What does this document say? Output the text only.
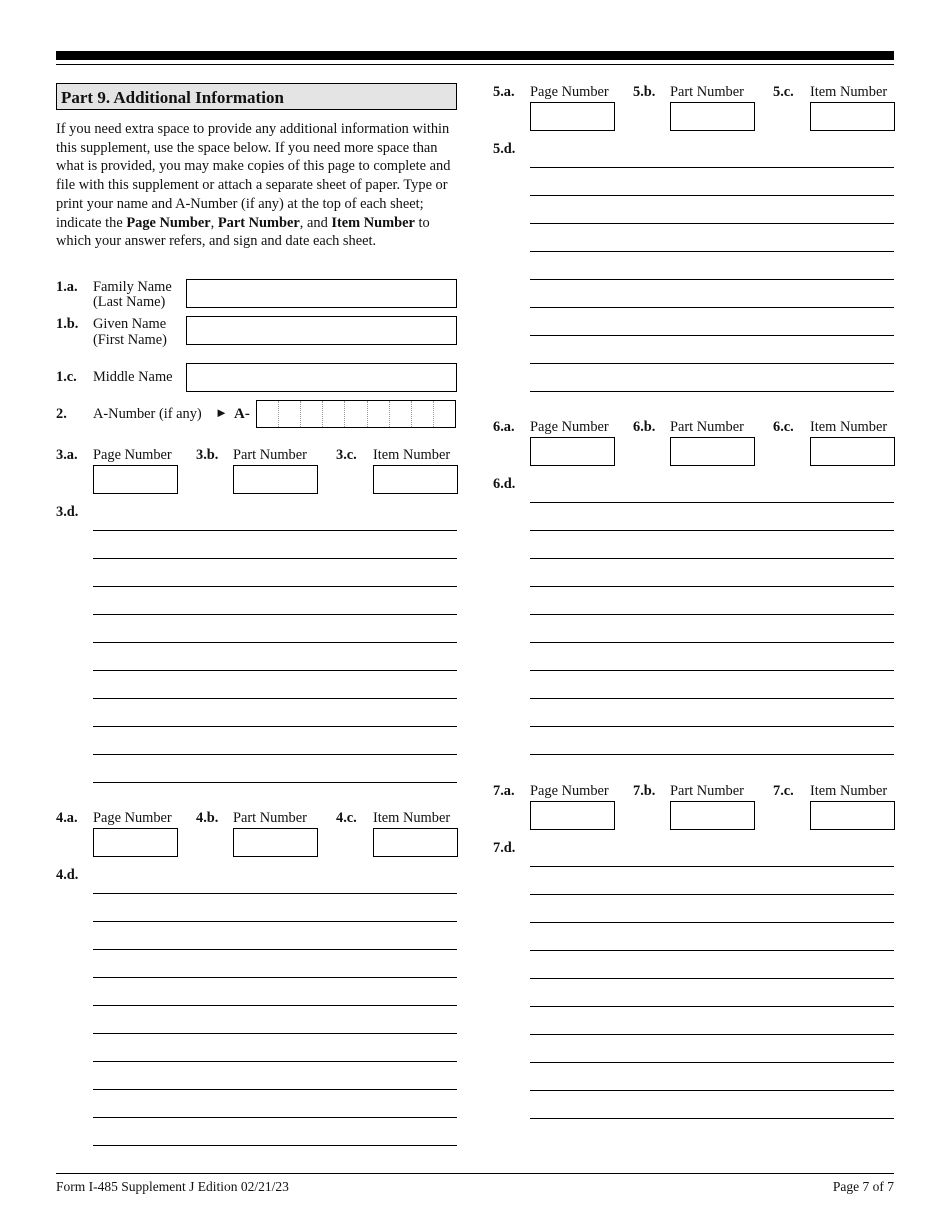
Part 9. Additional Information
If you need extra space to provide any additional information within this supplement, use the space below. If you need more space than what is provided, you may make copies of this page to complete and file with this supplement or attach a separate sheet of paper. Type or print your name and A-Number (if any) at the top of each sheet; indicate the Page Number, Part Number, and Item Number to which your answer refers, and sign and date each sheet.
1.a. Family Name
(Last Name)
1.b. Given Name
(First Name)
1.c. Middle Name
2. A-Number (if any) ► A-
3.a. Page Number 3.b. Part Number 3.c. Item Number
3.d.
4.a. Page Number 4.b. Part Number 4.c. Item Number
4.d.
5.a. Page Number 5.b. Part Number 5.c. Item Number
5.d.
6.a. Page Number 6.b. Part Number 6.c. Item Number
6.d.
7.a. Page Number 7.b. Part Number 7.c. Item Number
7.d.
Form I-485 Supplement J Edition 02/21/23	Page 7 of 7
